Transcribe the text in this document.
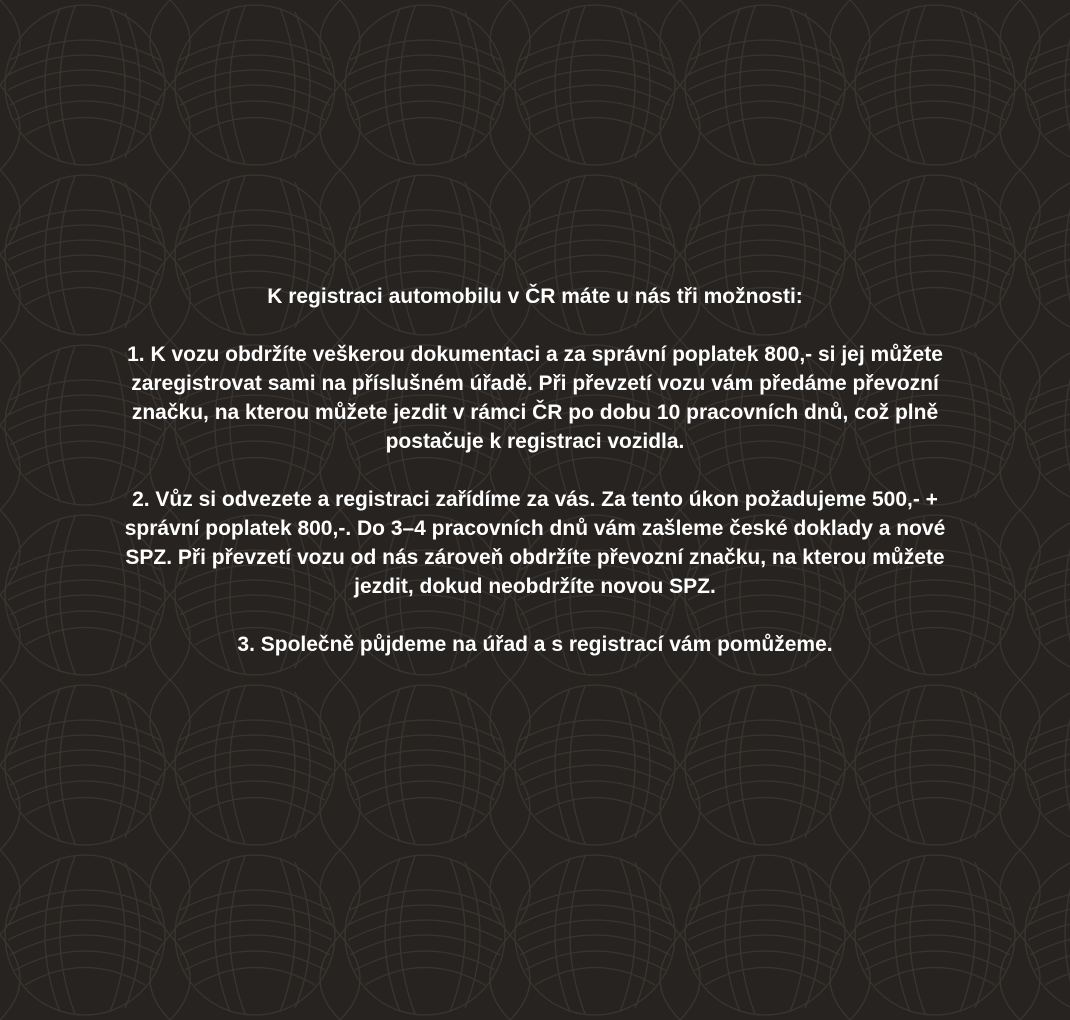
K registraci automobilu v ČR máte u nás tři možnosti:

1. K vozu obdržíte veškerou dokumentaci a za správní poplatek 800,- si jej můžete zaregistrovat sami na příslušném úřadě. Při převzetí vozu vám předáme převozní značku, na kterou můžete jezdit v rámci ČR po dobu 10 pracovních dnů, což plně postačuje k registraci vozidla.

2. Vůz si odvezete a registraci zařídíme za vás. Za tento úkon požadujeme 500,- + správní poplatek 800,-. Do 3–4 pracovních dnů vám zašleme české doklady a nové SPZ. Při převzetí vozu od nás zároveň obdržíte převozní značku, na kterou můžete jezdit, dokud neobdržíte novou SPZ.

3. Společně půjdeme na úřad a s registrací vám pomůžeme.
